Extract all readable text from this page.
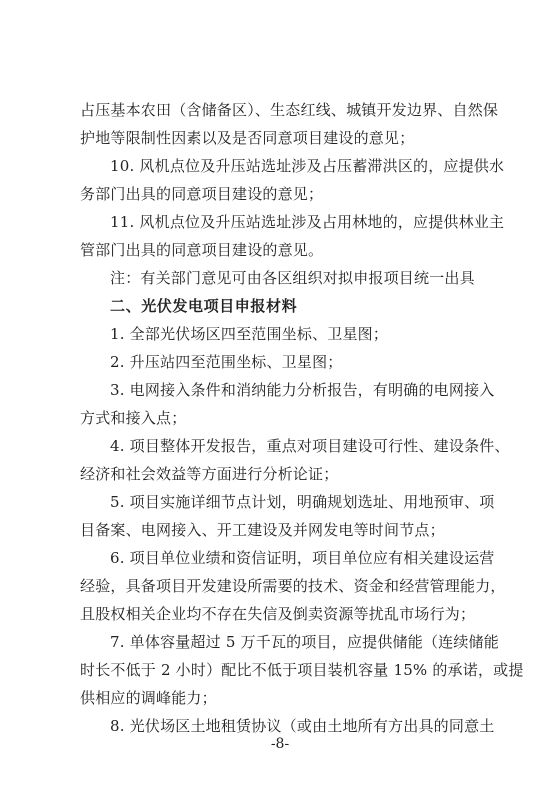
占压基本农田（含储备区）、生态红线、城镇开发边界、自然保
护地等限制性因素以及是否同意项目建设的意见；
10. 风机点位及升压站选址涉及占压蓄滞洪区的，应提供水
务部门出具的同意项目建设的意见；
11. 风机点位及升压站选址涉及占用林地的，应提供林业主
管部门出具的同意项目建设的意见。
注：有关部门意见可由各区组织对拟申报项目统一出具
二、光伏发电项目申报材料
1. 全部光伏场区四至范围坐标、卫星图；
2. 升压站四至范围坐标、卫星图；
3. 电网接入条件和消纳能力分析报告，有明确的电网接入
方式和接入点；
4. 项目整体开发报告，重点对项目建设可行性、建设条件、
经济和社会效益等方面进行分析论证；
5. 项目实施详细节点计划，明确规划选址、用地预审、项
目备案、电网接入、开工建设及并网发电等时间节点；
6. 项目单位业绩和资信证明，项目单位应有相关建设运营
经验，具备项目开发建设所需要的技术、资金和经营管理能力，
且股权相关企业均不存在失信及倒卖资源等扰乱市场行为；
7. 单体容量超过 5 万千瓦的项目，应提供储能（连续储能
时长不低于 2 小时）配比不低于项目装机容量 15% 的承诺，或提
供相应的调峰能力；
8. 光伏场区土地租赁协议（或由土地所有方出具的同意土
-8-
